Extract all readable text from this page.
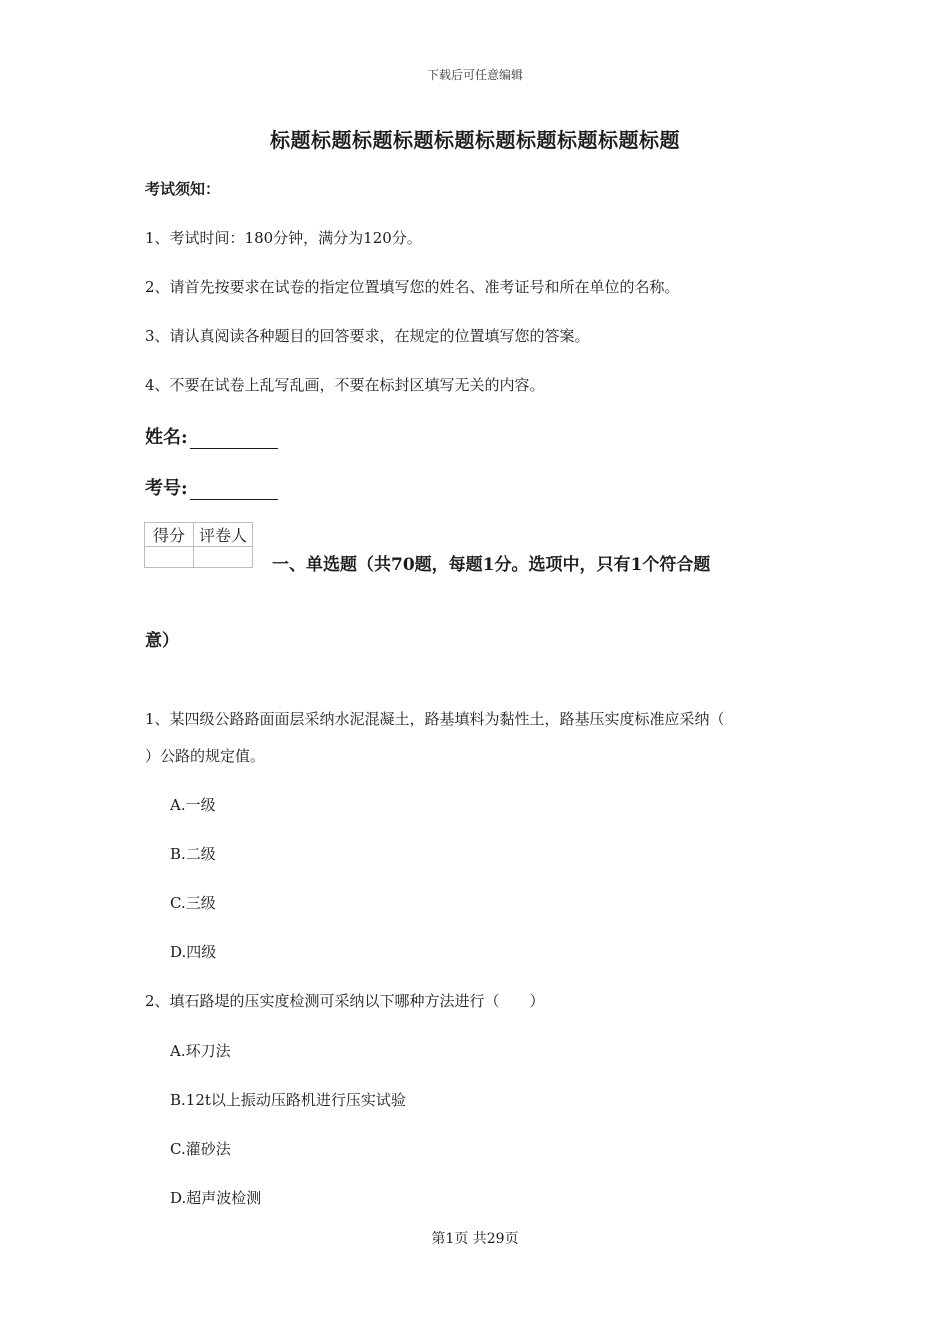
下载后可任意编辑
标题标题标题标题标题标题标题标题标题标题
考试须知：
1、考试时间：180分钟，满分为120分。
2、请首先按要求在试卷的指定位置填写您的姓名、准考证号和所在单位的名称。
3、请认真阅读各种题目的回答要求，在规定的位置填写您的答案。
4、不要在试卷上乱写乱画，不要在标封区填写无关的内容。
姓名:
考号:
得分	评卷人

一、单选题（共70题，每题1分。选项中，只有1个符合题
意）
1、某四级公路路面面层采纳水泥混凝土，路基填料为黏性土，路基压实度标准应采纳（
）公路的规定值。
A.一级
B.二级
C.三级
D.四级
2、填石路堤的压实度检测可采纳以下哪种方法进行（　　）
A.环刀法
B.12t以上振动压路机进行压实试验
C.灌砂法
D.超声波检测
第1页 共29页
